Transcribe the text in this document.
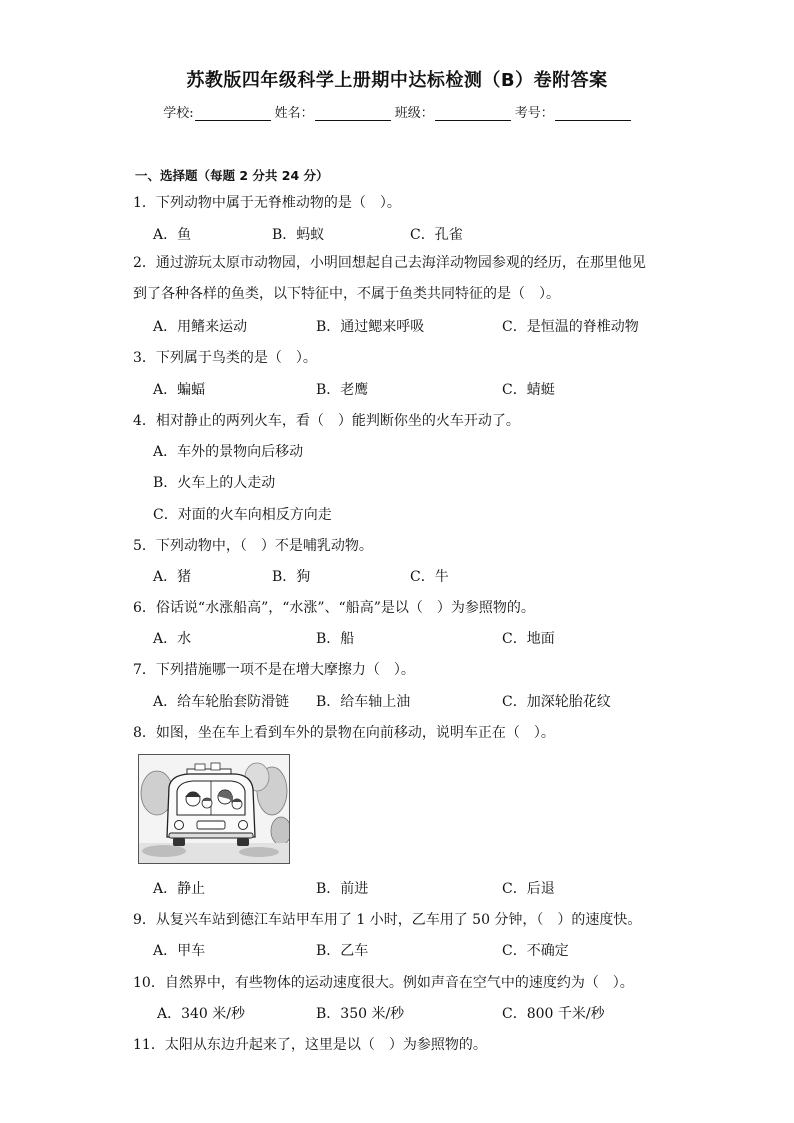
苏教版四年级科学上册期中达标检测（B）卷附答案
学校:	姓名：	班级：	考号：
一、选择题（每题 2 分共 24 分）
1．下列动物中属于无脊椎动物的是（　）。
A．鱼	B．蚂蚁	C．孔雀
2．通过游玩太原市动物园，小明回想起自己去海洋动物园参观的经历，在那里他见到了各种各样的鱼类，以下特征中，不属于鱼类共同特征的是（　）。
A．用鳍来运动	B．通过鳃来呼吸	C．是恒温的脊椎动物
3．下列属于鸟类的是（　）。
A．蝙蝠	B．老鹰	C．蜻蜓
4．相对静止的两列火车，看（　）能判断你坐的火车开动了。
A．车外的景物向后移动
B．火车上的人走动
C．对面的火车向相反方向走
5．下列动物中，（　）不是哺乳动物。
A．猪	B．狗	C．牛
6．俗话说“水涨船高”，“水涨”、“船高”是以（　）为参照物的。
A．水	B．船	C．地面
7．下列措施哪一项不是在增大摩擦力（　）。
A．给车轮胎套防滑链 B．给车轴上油	C．加深轮胎花纹
8．如图，坐在车上看到车外的景物在向前移动，说明车正在（　）。
A．静止	B．前进	C．后退
9．从复兴车站到德江车站甲车用了 1 小时，乙车用了 50 分钟，（　）的速度快。
A．甲车	B．乙车	C．不确定
10．自然界中，有些物体的运动速度很大。例如声音在空气中的速度约为（　）。
A．340 米/秒	B．350 米/秒	C．800 千米/秒
11．太阳从东边升起来了，这里是以（　）为参照物的。
